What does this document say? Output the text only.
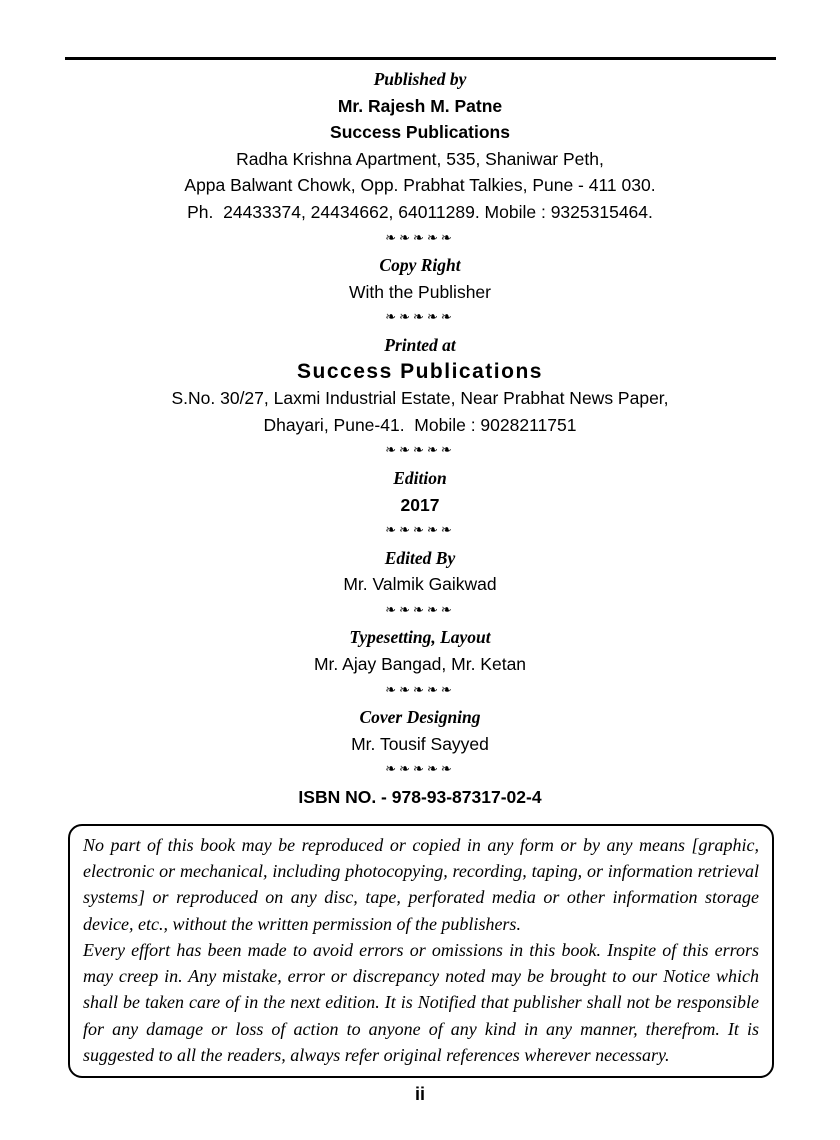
Published by
Mr. Rajesh M. Patne
Success Publications
Radha Krishna Apartment, 535, Shaniwar Peth,
Appa Balwant Chowk, Opp. Prabhat Talkies, Pune - 411 030.
Ph.  24433374, 24434662, 64011289. Mobile : 9325315464.
❧❧❧❧❧
Copy Right
With the Publisher
❧❧❧❧❧
Printed at
Success Publications
S.No. 30/27, Laxmi Industrial Estate, Near Prabhat News Paper,
Dhayari, Pune-41.  Mobile : 9028211751
❧❧❧❧❧
Edition
2017
❧❧❧❧❧
Edited By
Mr. Valmik Gaikwad
❧❧❧❧❧
Typesetting, Layout
Mr. Ajay Bangad, Mr. Ketan
❧❧❧❧❧
Cover Designing
Mr. Tousif Sayyed
❧❧❧❧❧
ISBN NO. - 978-93-87317-02-4

No part of this book may be reproduced or copied in any form or by any means [graphic, electronic or mechanical, including photocopying, recording, taping, or information retrieval systems] or reproduced on any disc, tape, perforated media or other information storage device, etc., without the written permission of the publishers.

Every effort has been made to avoid errors or omissions in this book. Inspite of this errors may creep in. Any mistake, error or discrepancy noted may be brought to our Notice which shall be taken care of in the next edition. It is Notified that publisher shall not be responsible for any damage or loss of action to anyone of any kind in any manner, therefrom. It is suggested to all the readers, always refer original references wherever necessary.

ii
